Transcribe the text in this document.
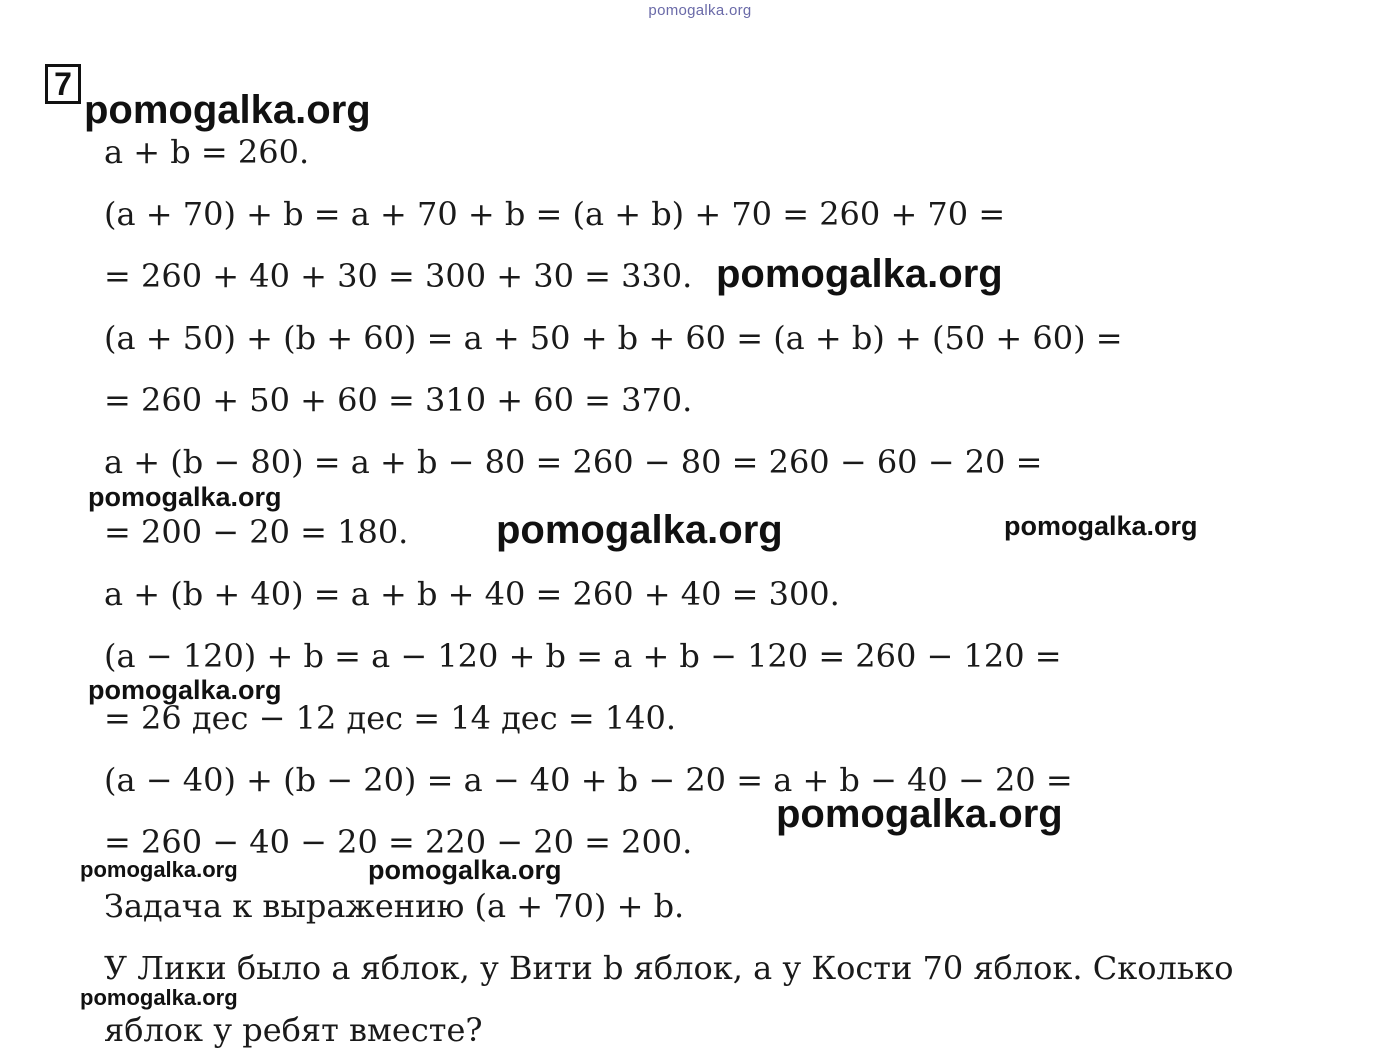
pomogalka.org
7
a + b = 260.
(a + 70) + b = a + 70 + b = (a + b) + 70 = 260 + 70 =
= 260 + 40 + 30 = 300 + 30 = 330.
(a + 50) + (b + 60) = a + 50 + b + 60 = (a + b) + (50 + 60) =
= 260 + 50 + 60 = 310 + 60 = 370.
a + (b − 80) = a + b − 80 = 260 − 80 = 260 − 60 − 20 =
= 200 − 20 = 180.
a + (b + 40) = a + b + 40 = 260 + 40 = 300.
(a − 120) + b = a − 120 + b = a + b − 120 = 260 − 120 =
= 26 дес − 12 дес = 14 дес = 140.
(a − 40) + (b − 20) = a − 40 + b − 20 = a + b − 40 − 20 =
= 260 − 40 − 20 = 220 − 20 = 200.
Задача к выражению (a + 70) + b.
У Лики было a яблок, у Вити b яблок, а у Кости 70 яблок. Сколько
яблок у ребят вместе?
pomogalka.org
pomogalka.org
pomogalka.org
pomogalka.org	pomogalka.org
pomogalka.org
pomogalka.org
pomogalka.org	pomogalka.org
pomogalka.org
